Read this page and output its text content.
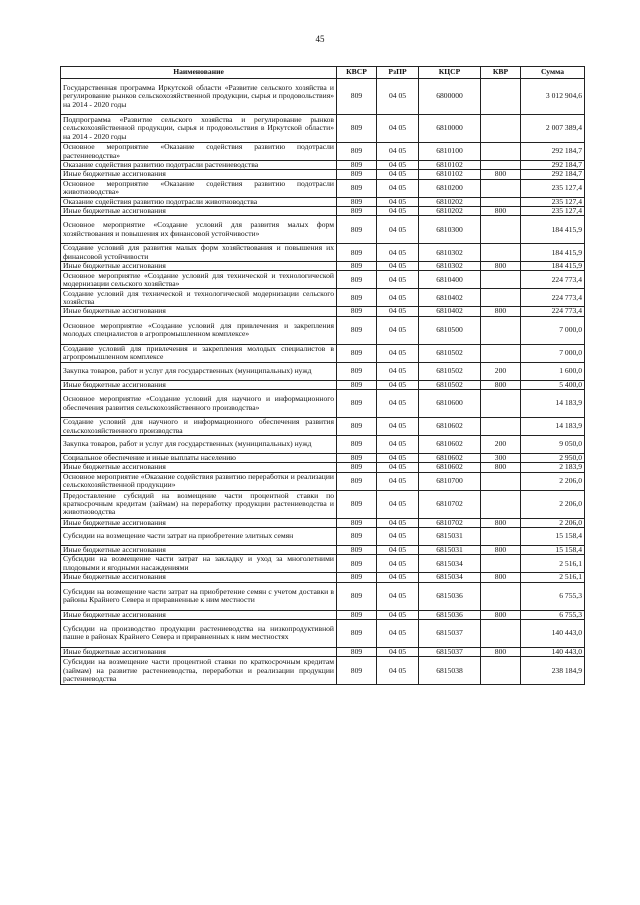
45
Наименование	КВСР	РзПР	КЦСР	КВР	Сумма
Государственная программа Иркутской области «Развитие сельского хозяйства и регулирование рынков сельскохозяйственной продукции, сырья и продовольствия» на 2014 - 2020 годы	809	04 05	6800000		3 012 904,6
Подпрограмма «Развитие сельского хозяйства и регулирование рынков сельскохозяйственной продукции, сырья и продовольствия в Иркутской области» на 2014 - 2020 годы	809	04 05	6810000		2 007 389,4
Основное мероприятие «Оказание содействия развитию подотрасли растениеводства»	809	04 05	6810100		292 184,7
Оказание содействия развитию подотрасли растениеводства	809	04 05	6810102		292 184,7
Иные бюджетные ассигнования	809	04 05	6810102	800	292 184,7
Основное мероприятие «Оказание содействия развитию подотрасли животноводства»	809	04 05	6810200		235 127,4
Оказание содействия развитию подотрасли животноводства	809	04 05	6810202		235 127,4
Иные бюджетные ассигнования	809	04 05	6810202	800	235 127,4
Основное мероприятие «Создание условий для развития малых форм хозяйствования и повышения их финансовой устойчивости»	809	04 05	6810300		184 415,9
Создание условий для развития малых форм хозяйствования и повышения их финансовой устойчивости	809	04 05	6810302		184 415,9
Иные бюджетные ассигнования	809	04 05	6810302	800	184 415,9
Основное мероприятие «Создание условий для технической и технологической модернизации сельского хозяйства»	809	04 05	6810400		224 773,4
Создание условий для технической и технологической модернизации сельского хозяйства	809	04 05	6810402		224 773,4
Иные бюджетные ассигнования	809	04 05	6810402	800	224 773,4
Основное мероприятие «Создание условий для привлечения и закрепления молодых специалистов в агропромышленном комплексе»	809	04 05	6810500		7 000,0
Создание условий для привлечения и закрепления молодых специалистов в агропромышленном комплексе	809	04 05	6810502		7 000,0
Закупка товаров, работ и услуг для государственных (муниципальных) нужд	809	04 05	6810502	200	1 600,0
Иные бюджетные ассигнования	809	04 05	6810502	800	5 400,0
Основное мероприятие «Создание условий для научного и информационного обеспечения развития сельскохозяйственного производства»	809	04 05	6810600		14 183,9
Создание условий для научного и информационного обеспечения развития сельскохозяйственного производства	809	04 05	6810602		14 183,9
Закупка товаров, работ и услуг для государственных (муниципальных) нужд	809	04 05	6810602	200	9 050,0
Социальное обеспечение и иные выплаты населению	809	04 05	6810602	300	2 950,0
Иные бюджетные ассигнования	809	04 05	6810602	800	2 183,9
Основное мероприятие «Оказание содействия развитию переработки и реализации сельскохозяйственной продукции»	809	04 05	6810700		2 206,0
Предоставление субсидий на возмещение части процентной ставки по краткосрочным кредитам (займам) на переработку продукции растениеводства и животноводства	809	04 05	6810702		2 206,0
Иные бюджетные ассигнования	809	04 05	6810702	800	2 206,0
Субсидии на возмещение части затрат на приобретение элитных семян	809	04 05	6815031		15 158,4
Иные бюджетные ассигнования	809	04 05	6815031	800	15 158,4
Субсидии на возмещение части затрат на закладку и уход за многолетними плодовыми и ягодными насаждениями	809	04 05	6815034		2 516,1
Иные бюджетные ассигнования	809	04 05	6815034	800	2 516,1
Субсидии на возмещение части затрат на приобретение семян с учетом доставки в районы Крайнего Севера и приравненные к ним местности	809	04 05	6815036		6 755,3
Иные бюджетные ассигнования	809	04 05	6815036	800	6 755,3
Субсидии на производство продукции растениеводства на низкопродуктивной пашне в районах Крайнего Севера и приравненных к ним местностях	809	04 05	6815037		140 443,0
Иные бюджетные ассигнования	809	04 05	6815037	800	140 443,0
Субсидии на возмещение части процентной ставки по краткосрочным кредитам (займам) на развитие растениеводства, переработки и реализации продукции растениеводства	809	04 05	6815038		238 184,9
